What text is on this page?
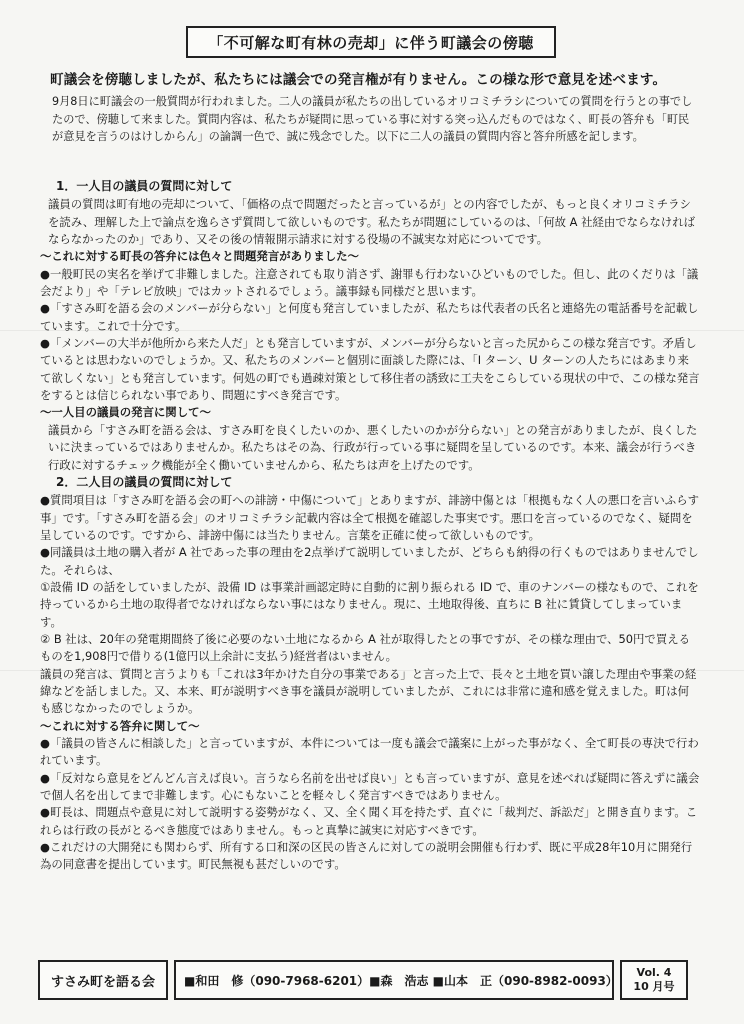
「不可解な町有林の売却」に伴う町議会の傍聴
町議会を傍聴しましたが、私たちには議会での発言権が有りません。この様な形で意見を述べます。
9月8日に町議会の一般質問が行われました。二人の議員が私たちの出しているオリコミチラシについての質問を行うとの事でしたので、傍聴して来ました。質問内容は、私たちが疑問に思っている事に対する突っ込んだものではなく、町長の答弁も「町民が意見を言うのはけしからん」の論調一色で、誠に残念でした。以下に二人の議員の質問内容と答弁所感を記します。

1．一人目の議員の質問に対して

議員の質問は町有地の売却について、「価格の点で問題だったと言っているが」との内容でしたが、もっと良くオリコミチラシを読み、理解した上で論点を逸らさず質問して欲しいものです。私たちが問題にしているのは、「何故 A 社経由でならなければならなかったのか」であり、又その後の情報開示請求に対する役場の不誠実な対応についてです。

～これに対する町長の答弁には色々と問題発言がありました～

●一般町民の実名を挙げて非難しました。注意されても取り消さず、謝罪も行わないひどいものでした。但し、此のくだりは「議会だより」や「テレビ放映」ではカットされるでしょう。議事録も同様だと思います。

●「すさみ町を語る会のメンバーが分らない」と何度も発言していましたが、私たちは代表者の氏名と連絡先の電話番号を記載しています。これで十分です。

●「メンバーの大半が他所から来た人だ」とも発言していますが、メンバーが分らないと言った尻からこの様な発言です。矛盾しているとは思わないのでしょうか。又、私たちのメンバーと個別に面談した際には、「I ターン、U ターンの人たちにはあまり来て欲しくない」とも発言しています。何処の町でも過疎対策として移住者の誘致に工夫をこらしている現状の中で、この様な発言をするとは信じられない事であり、問題にすべき発言です。

～一人目の議員の発言に関して～

議員から「すさみ町を語る会は、すさみ町を良くしたいのか、悪くしたいのかが分らない」との発言がありましたが、良くしたいに決まっているではありませんか。私たちはその為、行政が行っている事に疑問を呈しているのです。本来、議会が行うべき行政に対するチェック機能が全く働いていませんから、私たちは声を上げたのです。

2．二人目の議員の質問に対して

●質問項目は「すさみ町を語る会の町への誹謗・中傷について」とありますが、誹謗中傷とは「根拠もなく人の悪口を言いふらす事」です。「すさみ町を語る会」のオリコミチラシ記載内容は全て根拠を確認した事実です。悪口を言っているのでなく、疑問を呈しているのです。ですから、誹謗中傷には当たりません。言葉を正確に使って欲しいものです。

●同議員は土地の購入者が A 社であった事の理由を2点挙げて説明していましたが、どちらも納得の行くものではありませんでした。それらは、

①設備 ID の話をしていましたが、設備 ID は事業計画認定時に自動的に割り振られる ID で、車のナンバーの様なもので、これを持っているから土地の取得者でなければならない事にはなりません。現に、土地取得後、直ちに B 社に賃貸してしまっています。

② B 社は、20年の発電期間終了後に必要のない土地になるから A 社が取得したとの事ですが、その様な理由で、50円で買えるものを1,908円で借りる(1億円以上余計に支払う)経営者はいません。

議員の発言は、質問と言うよりも「これは3年かけた自分の事業である」と言った上で、長々と土地を買い譲した理由や事業の経緯などを話しました。又、本来、町が説明すべき事を議員が説明していましたが、これには非常に違和感を覚えました。町は何も感じなかったのでしょうか。

～これに対する答弁に関して～

●「議員の皆さんに相談した」と言っていますが、本件については一度も議会で議案に上がった事がなく、全て町長の専決で行われています。

●「反対なら意見をどんどん言えば良い。言うなら名前を出せば良い」とも言っていますが、意見を述べれば疑問に答えずに議会で個人名を出してまで非難します。心にもないことを軽々しく発言すべきではありません。

●町長は、問題点や意見に対して説明する姿勢がなく、又、全く聞く耳を持たず、直ぐに「裁判だ、訴訟だ」と開き直ります。これらは行政の長がとるべき態度ではありません。もっと真摯に誠実に対応すべきです。

●これだけの大開発にも関わらず、所有する口和深の区民の皆さんに対しての説明会開催も行わず、既に平成28年10月に開発行為の同意書を提出しています。町民無視も甚だしいのです。

すさみ町を語る会	■和田　修（090-7968-6201）■森　浩志 ■山本　正（090-8982-0093）
Vol. 4
10 月号
